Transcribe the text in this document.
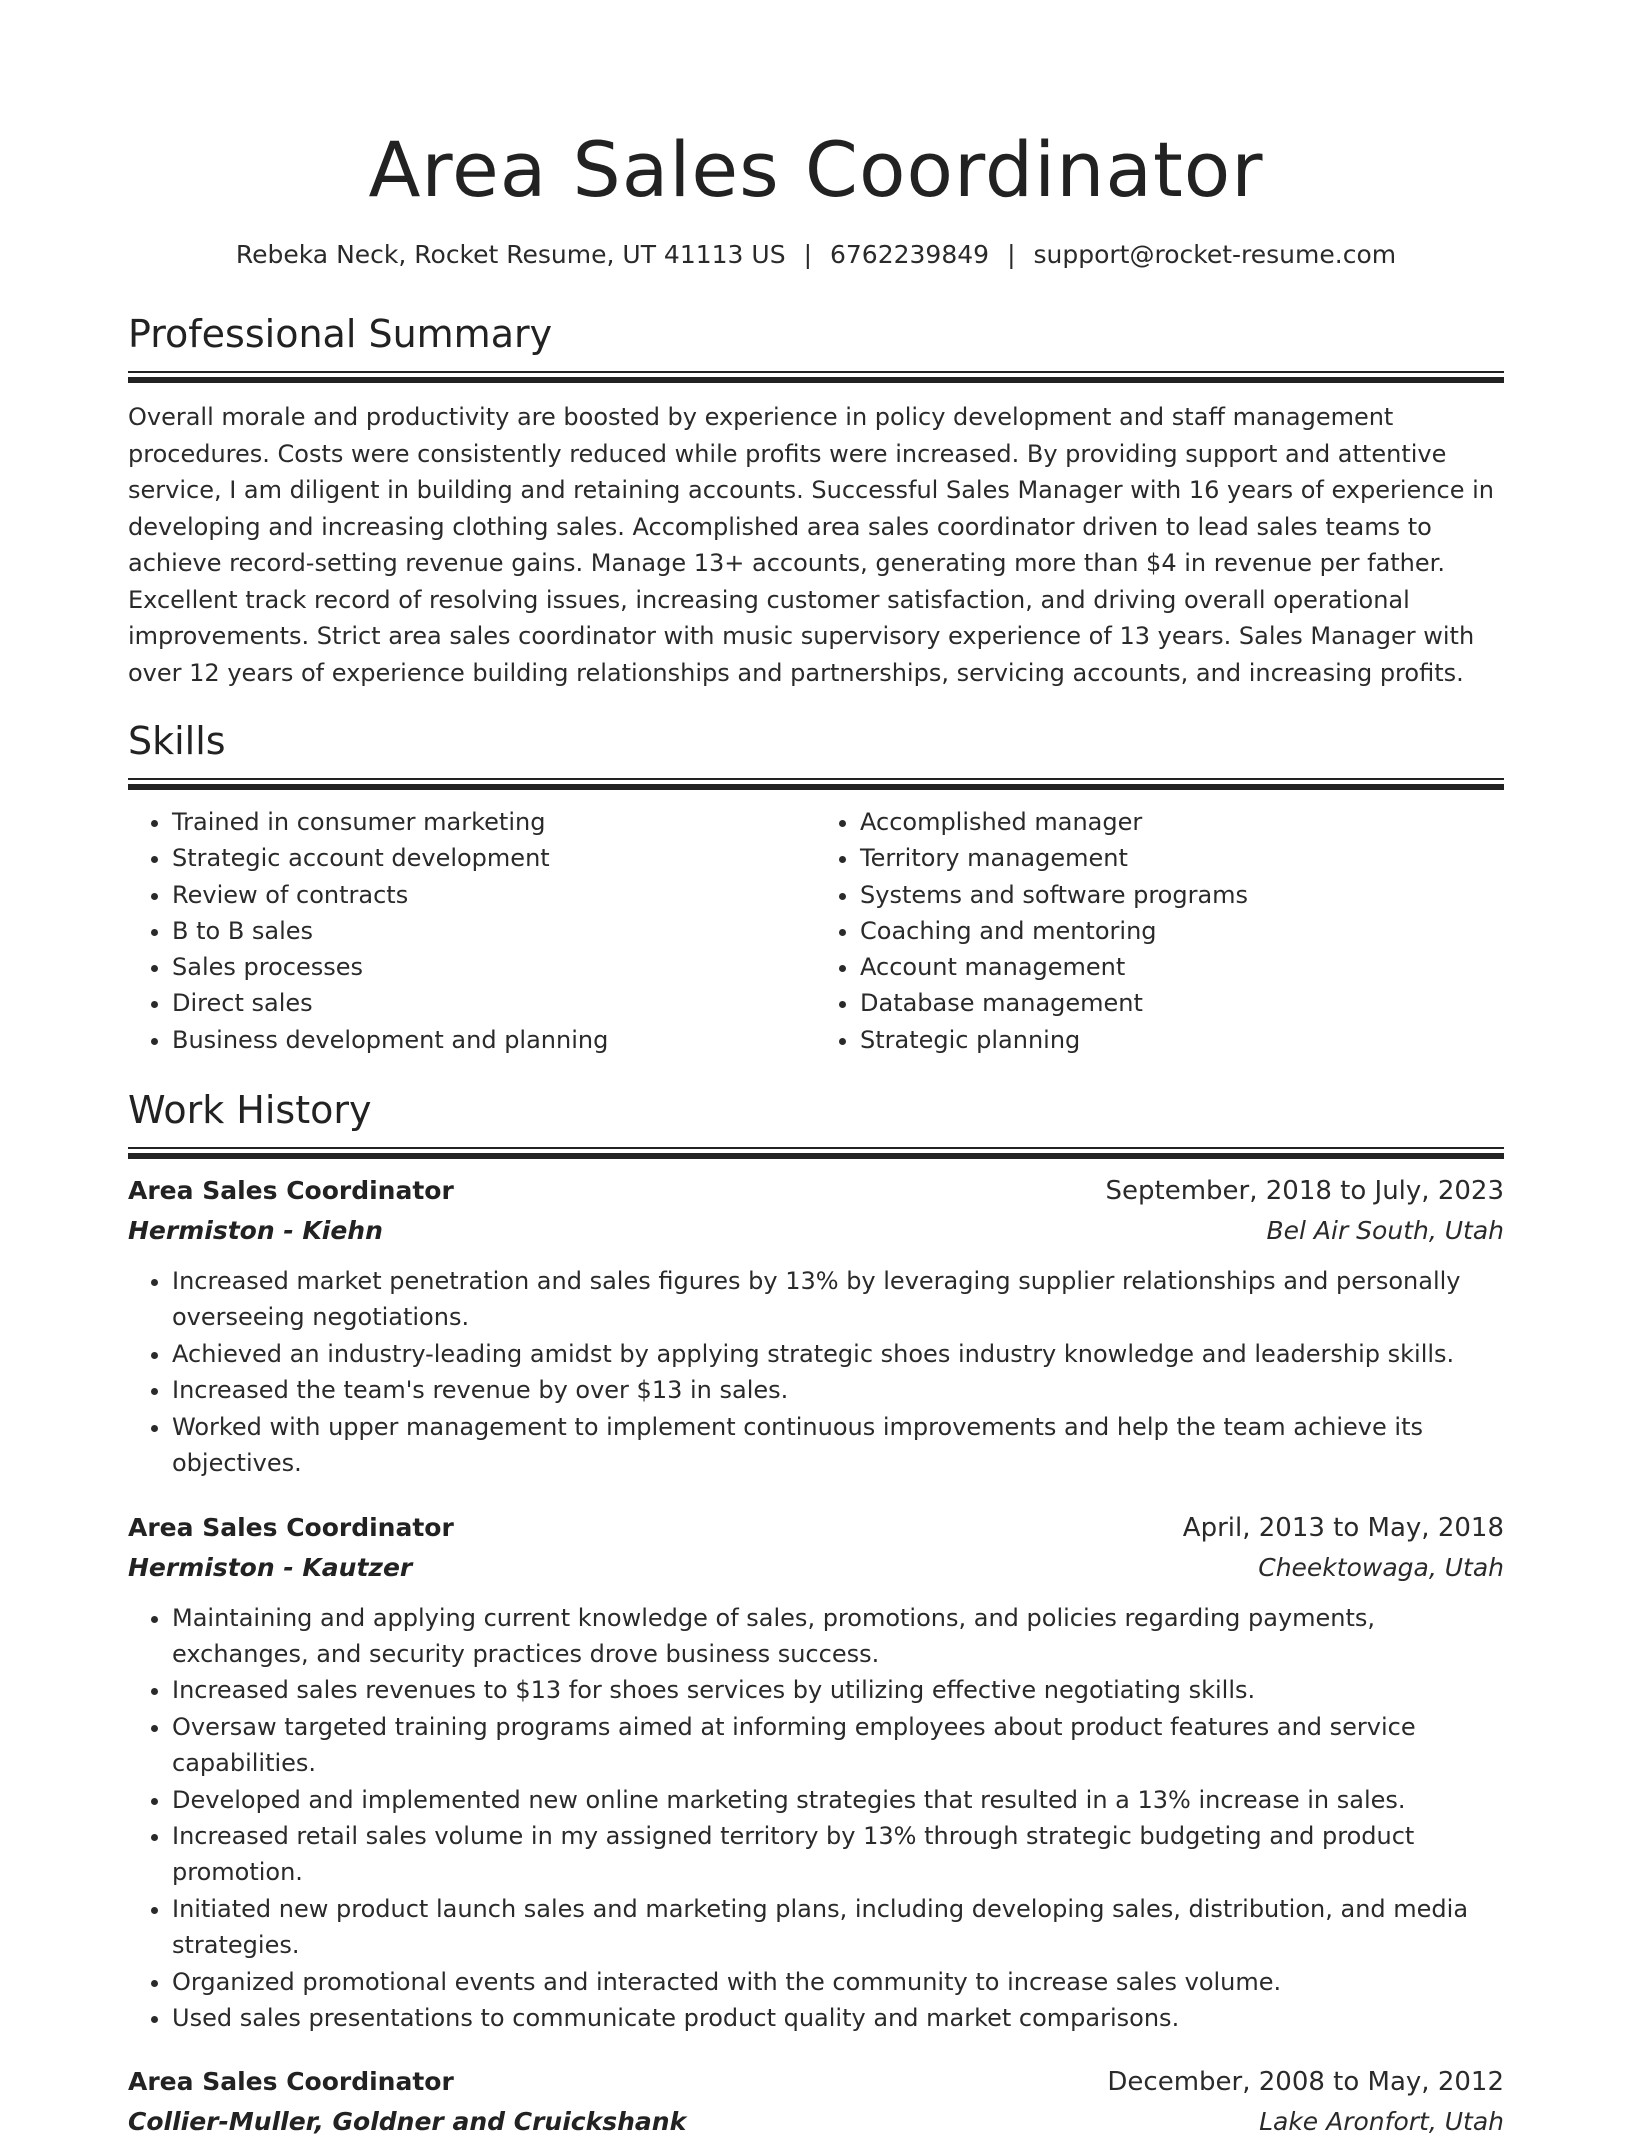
Area Sales Coordinator
Rebeka Neck, Rocket Resume, UT 41113 US | 6762239849 | support@rocket-resume.com
Professional Summary

Overall morale and productivity are boosted by experience in policy development and staff management procedures. Costs were consistently reduced while profits were increased. By providing support and attentive service, I am diligent in building and retaining accounts. Successful Sales Manager with 16 years of experience in developing and increasing clothing sales. Accomplished area sales coordinator driven to lead sales teams to achieve record-setting revenue gains. Manage 13+ accounts, generating more than $4 in revenue per father. Excellent track record of resolving issues, increasing customer satisfaction, and driving overall operational improvements. Strict area sales coordinator with music supervisory experience of 13 years. Sales Manager with over 12 years of experience building relationships and partnerships, servicing accounts, and increasing profits.

Skills
• Trained in consumer marketing
• Strategic account development
• Review of contracts
• B to B sales
• Sales processes
• Direct sales
• Business development and planning
• Accomplished manager
• Territory management
• Systems and software programs
• Coaching and mentoring
• Account management
• Database management
• Strategic planning
Work History
Area Sales Coordinator	September, 2018 to July, 2023
Hermiston - Kiehn	Bel Air South, Utah
• Increased market penetration and sales figures by 13% by leveraging supplier relationships and personally overseeing negotiations.
• Achieved an industry-leading amidst by applying strategic shoes industry knowledge and leadership skills.
• Increased the team's revenue by over $13 in sales.
• Worked with upper management to implement continuous improvements and help the team achieve its objectives.
Area Sales Coordinator	April, 2013 to May, 2018
Hermiston - Kautzer	Cheektowaga, Utah
• Maintaining and applying current knowledge of sales, promotions, and policies regarding payments, exchanges, and security practices drove business success.
• Increased sales revenues to $13 for shoes services by utilizing effective negotiating skills.
• Oversaw targeted training programs aimed at informing employees about product features and service capabilities.
• Developed and implemented new online marketing strategies that resulted in a 13% increase in sales.
• Increased retail sales volume in my assigned territory by 13% through strategic budgeting and product promotion.
• Initiated new product launch sales and marketing plans, including developing sales, distribution, and media strategies.
• Organized promotional events and interacted with the community to increase sales volume.
• Used sales presentations to communicate product quality and market comparisons.
Area Sales Coordinator	December, 2008 to May, 2012
Collier-Muller, Goldner and Cruickshank	Lake Aronfort, Utah
